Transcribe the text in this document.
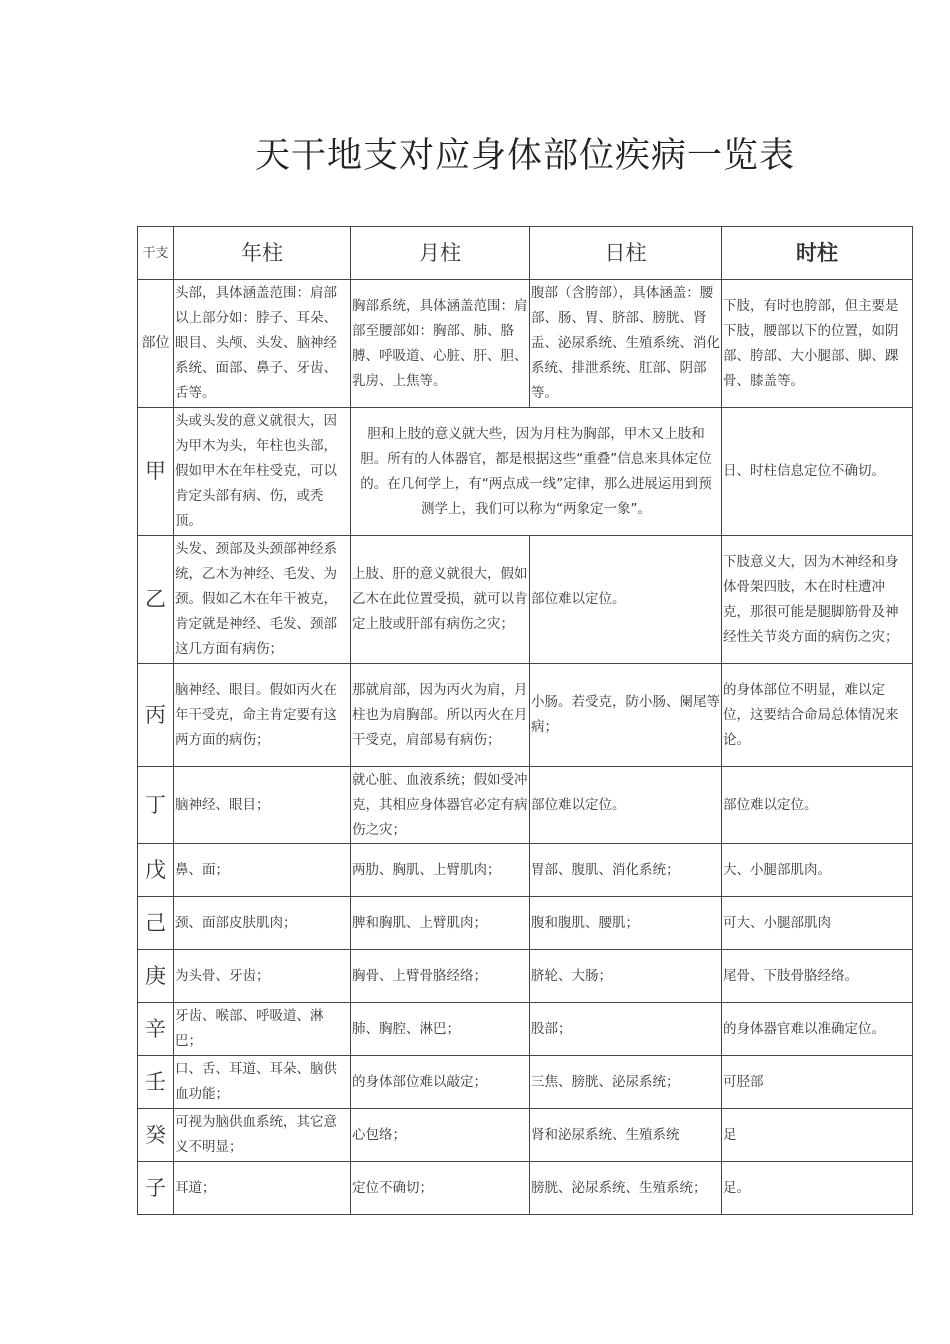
天干地支对应身体部位疾病一览表
干支	年柱	月柱	日柱	时柱
部位	头部，具体涵盖范围：肩部以上部分如：脖子、耳朵、眼目、头颅、头发、脑神经系统、面部、鼻子、牙齿、舌等。	胸部系统，具体涵盖范围：肩部至腰部如：胸部、肺、胳膊、呼吸道、心脏、肝、胆、乳房、上焦等。	腹部（含胯部），具体涵盖：腰部、肠、胃、脐部、膀胱、肾盂、泌尿系统、生殖系统、消化系统、排泄系统、肛部、阴部等。	下肢，有时也胯部，但主要是下肢，腰部以下的位置，如阴部、胯部、大小腿部、脚、踝骨、膝盖等。
甲	头或头发的意义就很大，因为甲木为头，年柱也头部，假如甲木在年柱受克，可以肯定头部有病、伤，或秃顶。	胆和上肢的意义就大些，因为月柱为胸部，甲木又上肢和胆。所有的人体器官，都是根据这些“重叠”信息来具体定位的。在几何学上，有“两点成一线”定律，那么进展运用到预测学上，我们可以称为“两象定一象”。		日、时柱信息定位不确切。
乙	头发、颈部及头颈部神经系统，乙木为神经、毛发、为颈。假如乙木在年干被克，肯定就是神经、毛发、颈部这几方面有病伤；	上肢、肝的意义就很大，假如乙木在此位置受损，就可以肯定上肢或肝部有病伤之灾；	部位难以定位。	下肢意义大，因为木神经和身体骨架四肢，木在时柱遭冲克，那很可能是腿脚筋骨及神经性关节炎方面的病伤之灾；
丙	脑神经、眼目。假如丙火在年干受克，命主肯定要有这两方面的病伤；	那就肩部，因为丙火为肩，月柱也为肩胸部。所以丙火在月干受克，肩部易有病伤；	小肠。若受克，防小肠、阑尾等病；	的身体部位不明显，难以定位，这要结合命局总体情况来论。
丁	脑神经、眼目；	就心脏、血液系统；假如受冲克，其相应身体器官必定有病伤之灾；	部位难以定位。	部位难以定位。
戊	鼻、面；	两肋、胸肌、上臂肌肉；	胃部、腹肌、消化系统；	大、小腿部肌肉。
己	颈、面部皮肤肌肉；	脾和胸肌、上臂肌肉；	腹和腹肌、腰肌；	可大、小腿部肌肉
庚	为头骨、牙齿；	胸骨、上臂骨胳经络；	脐轮、大肠；	尾骨、下肢骨胳经络。
辛	牙齿、喉部、呼吸道、淋巴；	肺、胸腔、淋巴；	股部；	的身体器官难以准确定位。
壬	口、舌、耳道、耳朵、脑供血功能；	的身体部位难以敲定；	三焦、膀胱、泌尿系统；	可胫部
癸	可视为脑供血系统，其它意义不明显；	心包络；	肾和泌尿系统、生殖系统	足
子	耳道；	定位不确切；	膀胱、泌尿系统、生殖系统；	足。
